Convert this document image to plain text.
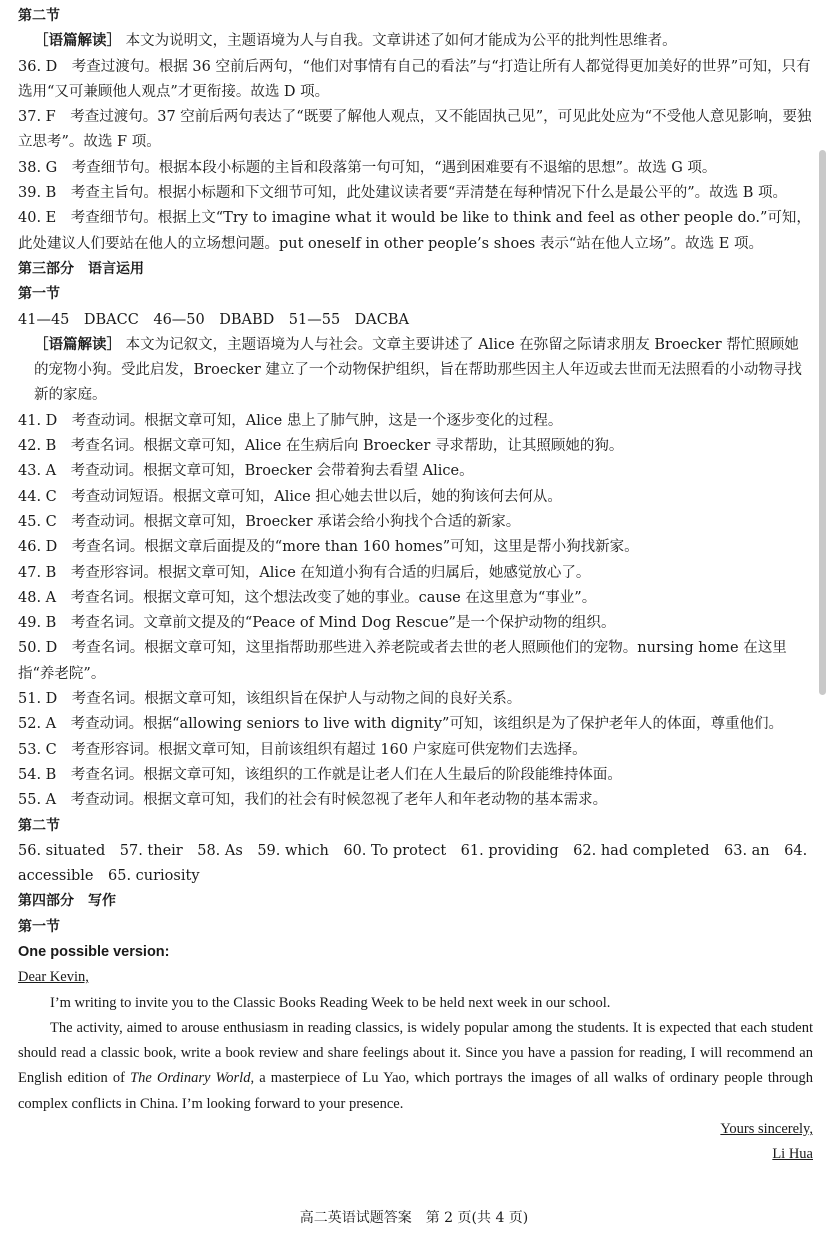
第二节

［语篇解读］ 本文为说明文，主题语境为人与自我。文章讲述了如何才能成为公平的批判性思维者。

36. D　 考查过渡句。根据 36 空前后两句，“他们对事情有自己的看法”与“打造让所有人都觉得更加美好的世界”可知，只有选用“又可兼顾他人观点”才更衔接。故选 D 项。

37. F　 考查过渡句。37 空前后两句表达了“既要了解他人观点，又不能固执己见”，可见此处应为“不受他人意见影响，要独立思考”。故选 F 项。

38. G　 考查细节句。根据本段小标题的主旨和段落第一句可知，“遇到困难要有不退缩的思想”。故选 G 项。

39. B　 考查主旨句。根据小标题和下文细节可知，此处建议读者要“弄清楚在每种情况下什么是最公平的”。故选 B 项。

40. E　 考查细节句。根据上文“Try to imagine what it would be like to think and feel as other people do.”可知，此处建议人们要站在他人的立场想问题。put oneself in other people’s shoes 表示“站在他人立场”。故选 E 项。

第三部分　语言运用

第一节

41—45　DBACC　46—50　DBABD　51—55　DACBA

［语篇解读］ 本文为记叙文，主题语境为人与社会。文章主要讲述了 Alice 在弥留之际请求朋友 Broecker 帮忙照顾她的宠物小狗。受此启发，Broecker 建立了一个动物保护组织，旨在帮助那些因主人年迈或去世而无法照看的小动物寻找新的家庭。

41. D　 考查动词。根据文章可知，Alice 患上了肺气肿，这是一个逐步变化的过程。

42. B　 考查名词。根据文章可知，Alice 在生病后向 Broecker 寻求帮助，让其照顾她的狗。

43. A　 考查动词。根据文章可知，Broecker 会带着狗去看望 Alice。

44. C　 考查动词短语。根据文章可知，Alice 担心她去世以后，她的狗该何去何从。

45. C　 考查动词。根据文章可知，Broecker 承诺会给小狗找个合适的新家。

46. D　 考查名词。根据文章后面提及的“more than 160 homes”可知，这里是帮小狗找新家。

47. B　 考查形容词。根据文章可知，Alice 在知道小狗有合适的归属后，她感觉放心了。

48. A　 考查名词。根据文章可知，这个想法改变了她的事业。cause 在这里意为“事业”。

49. B　 考查名词。文章前文提及的“Peace of Mind Dog Rescue”是一个保护动物的组织。

50. D　 考查名词。根据文章可知，这里指帮助那些进入养老院或者去世的老人照顾他们的宠物。nursing home 在这里指“养老院”。

51. D　 考查名词。根据文章可知，该组织旨在保护人与动物之间的良好关系。

52. A　 考查动词。根据“allowing seniors to live with dignity”可知，该组织是为了保护老年人的体面，尊重他们。

53. C　 考查形容词。根据文章可知，目前该组织有超过 160 户家庭可供宠物们去选择。

54. B　 考查名词。根据文章可知，该组织的工作就是让老人们在人生最后的阶段能维持体面。

55. A　 考查动词。根据文章可知，我们的社会有时候忽视了老年人和年老动物的基本需求。

第二节

56. situated　57. their　58. As　59. which　60. To protect　61. providing　62. had completed　63. an　64. accessible　65. curiosity

第四部分　写作

第一节

One possible version:

Dear Kevin,

I’m writing to invite you to the Classic Books Reading Week to be held next week in our school.

The activity, aimed to arouse enthusiasm in reading classics, is widely popular among the students. It is expected that each student should read a classic book, write a book review and share feelings about it. Since you have a passion for reading, I will recommend an English edition of The Ordinary World, a masterpiece of Lu Yao, which portrays the images of all walks of ordinary people through complex conflicts in China. I’m looking forward to your presence.

Yours sincerely,

Li Hua

高二英语试题答案　第 2 页(共 4 页)
